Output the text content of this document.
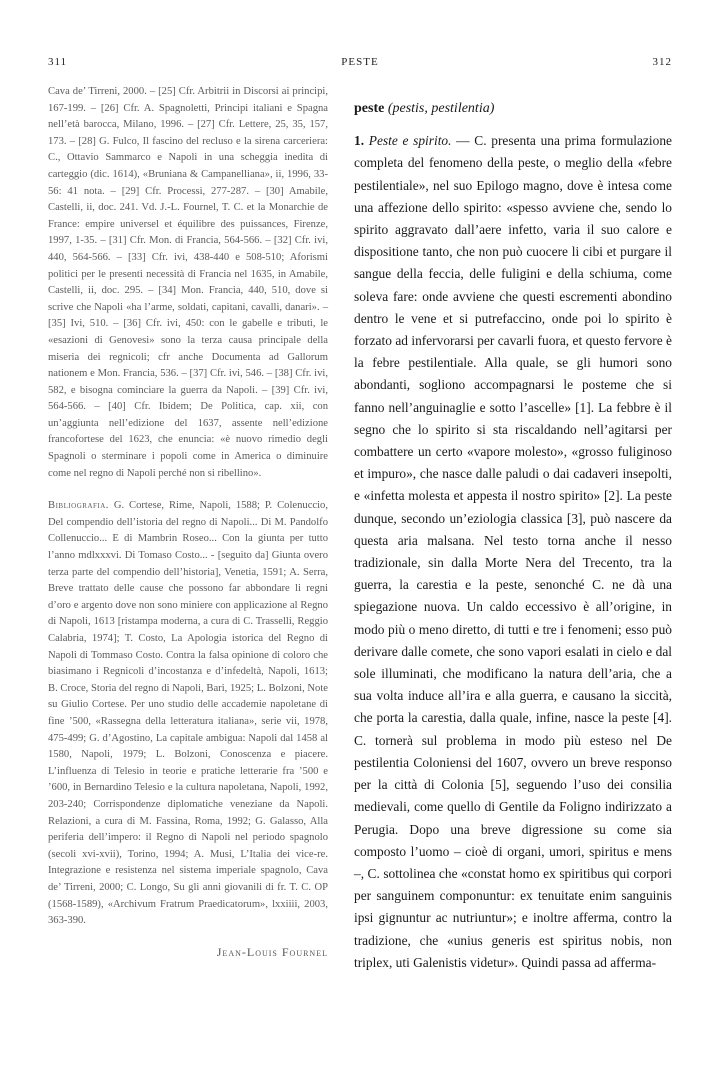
311	PESTE	312

Cava de’ Tirreni, 2000. – [25] Cfr. Arbitrii in Discorsi ai principi, 167-199. – [26] Cfr. A. Spagnoletti, Principi italiani e Spagna nell’età barocca, Milano, 1996. – [27] Cfr. Lettere, 25, 35, 157, 173. – [28] G. Fulco, Il fascino del recluso e la sirena carceriera: C., Ottavio Sammarco e Napoli in una scheggia inedita di carteggio (dic. 1614), «Bruniana & Campanelliana», ii, 1996, 33-56: 41 nota. – [29] Cfr. Processi, 277-287. – [30] Amabile, Castelli, ii, doc. 241. Vd. J.-L. Fournel, T. C. et la Monarchie de France: empire universel et équilibre des puissances, Firenze, 1997, 1-35. – [31] Cfr. Mon. di Francia, 564-566. – [32] Cfr. ivi, 440, 564-566. – [33] Cfr. ivi, 438-440 e 508-510; Aforismi politici per le presenti necessità di Francia nel 1635, in Amabile, Castelli, ii, doc. 295. – [34] Mon. Francia, 440, 510, dove si scrive che Napoli «ha l’arme, soldati, capitani, cavalli, danari». – [35] Ivi, 510. – [36] Cfr. ivi, 450: con le gabelle e tributi, le «esazioni di Genovesi» sono la terza causa principale della miseria dei regnicoli; cfr anche Documenta ad Gallorum nationem e Mon. Francia, 536. – [37] Cfr. ivi, 546. – [38] Cfr. ivi, 582, e bisogna cominciare la guerra da Napoli. – [39] Cfr. ivi, 564-566. – [40] Cfr. Ibidem; De Politica, cap. xii, con un’aggiunta nell’edizione del 1637, assente nell’edizione francofortese del 1623, che enuncia: «è nuovo rimedio degli Spagnoli o sterminare i popoli come in America o diminuire come nel regno di Napoli perché non si ribellino».

Bibliografia. G. Cortese, Rime, Napoli, 1588; P. Colenuccio, Del compendio dell’istoria del regno di Napoli... Di M. Pandolfo Collenuccio... E di Mambrin Roseo... Con la giunta per tutto l’anno mdlxxxvi. Di Tomaso Costo... - [seguito da] Giunta overo terza parte del compendio dell’historia], Venetia, 1591; A. Serra, Breve trattato delle cause che possono far abbondare li regni d’oro e argento dove non sono miniere con applicazione al Regno di Napoli, 1613 [ristampa moderna, a cura di C. Trasselli, Reggio Calabria, 1974]; T. Costo, La Apologia istorica del Regno di Napoli di Tommaso Costo. Contra la falsa opinione di coloro che biasimano i Regnicoli d’incostanza e d’infedeltà, Napoli, 1613; B. Croce, Storia del regno di Napoli, Bari, 1925; L. Bolzoni, Note su Giulio Cortese. Per uno studio delle accademie napoletane di fine ’500, «Rassegna della letteratura italiana», serie vii, 1978, 475-499; G. d’Agostino, La capitale ambigua: Napoli dal 1458 al 1580, Napoli, 1979; L. Bolzoni, Conoscenza e piacere. L’influenza di Telesio in teorie e pratiche letterarie fra ’500 e ’600, in Bernardino Telesio e la cultura napoletana, Napoli, 1992, 203-240; Corrispondenze diplomatiche veneziane da Napoli. Relazioni, a cura di M. Fassina, Roma, 1992; G. Galasso, Alla periferia dell’impero: il Regno di Napoli nel periodo spagnolo (secoli xvi-xvii), Torino, 1994; A. Musi, L’Italia dei vice-re. Integrazione e resistenza nel sistema imperiale spagnolo, Cava de’ Tirreni, 2000; C. Longo, Su gli anni giovanili di fr. T. C. OP (1568-1589), «Archivum Fratrum Praedicatorum», lxxiiii, 2003, 363-390.

Jean-Louis Fournel

peste (pestis, pestilentia)

1. Peste e spirito. — C. presenta una prima formulazione completa del fenomeno della peste, o meglio della «febre pestilentiale», nel suo Epilogo magno, dove è intesa come una affezione dello spirito: «spesso avviene che, sendo lo spirito aggravato dall’aere infetto, varia il suo calore e dispositione tanto, che non può cuocere li cibi et purgare il sangue della feccia, delle fuligini e della schiuma, come soleva fare: onde avviene che questi escrementi abondino dentro le vene et si putrefaccino, onde poi lo spirito è forzato ad infervorarsi per cavarli fuora, et questo fervore è la febre pestilentiale. Alla quale, se gli humori sono abondanti, sogliono accompagnarsi le posteme che si fanno nell’anguinaglie e sotto l’ascelle» [1]. La febbre è il segno che lo spirito si sta riscaldando nell’agitarsi per combattere un certo «vapore molesto», «grosso fuliginoso et impuro», che nasce dalle paludi o dai cadaveri insepolti, e «infetta molesta et appesta il nostro spirito» [2]. La peste dunque, secondo un’eziologia classica [3], può nascere da questa aria malsana. Nel testo torna anche il nesso tradizionale, sin dalla Morte Nera del Trecento, tra la guerra, la carestia e la peste, senonché C. ne dà una spiegazione nuova. Un caldo eccessivo è all’origine, in modo più o meno diretto, di tutti e tre i fenomeni; esso può derivare dalle comete, che sono vapori esalati in cielo e dal sole illuminati, che modificano la natura dell’aria, che a sua volta induce all’ira e alla guerra, e causano la siccità, che porta la carestia, dalla quale, infine, nasce la peste [4]. C. tornerà sul problema in modo più esteso nel De pestilentia Coloniensi del 1607, ovvero un breve responso per la città di Colonia [5], seguendo l’uso dei consilia medievali, come quello di Gentile da Foligno indirizzato a Perugia. Dopo una breve digressione su come sia composto l’uomo – cioè di organi, umori, spiritus e mens –, C. sottolinea che «constat homo ex spiritibus qui corpori per sanguinem componuntur: ex tenuitate enim sanguinis ipsi gignuntur ac nutriuntur»; e inoltre afferma, contro la tradizione, che «unius generis est spiritus nobis, non triplex, uti Galenistis videtur». Quindi passa ad afferma-
